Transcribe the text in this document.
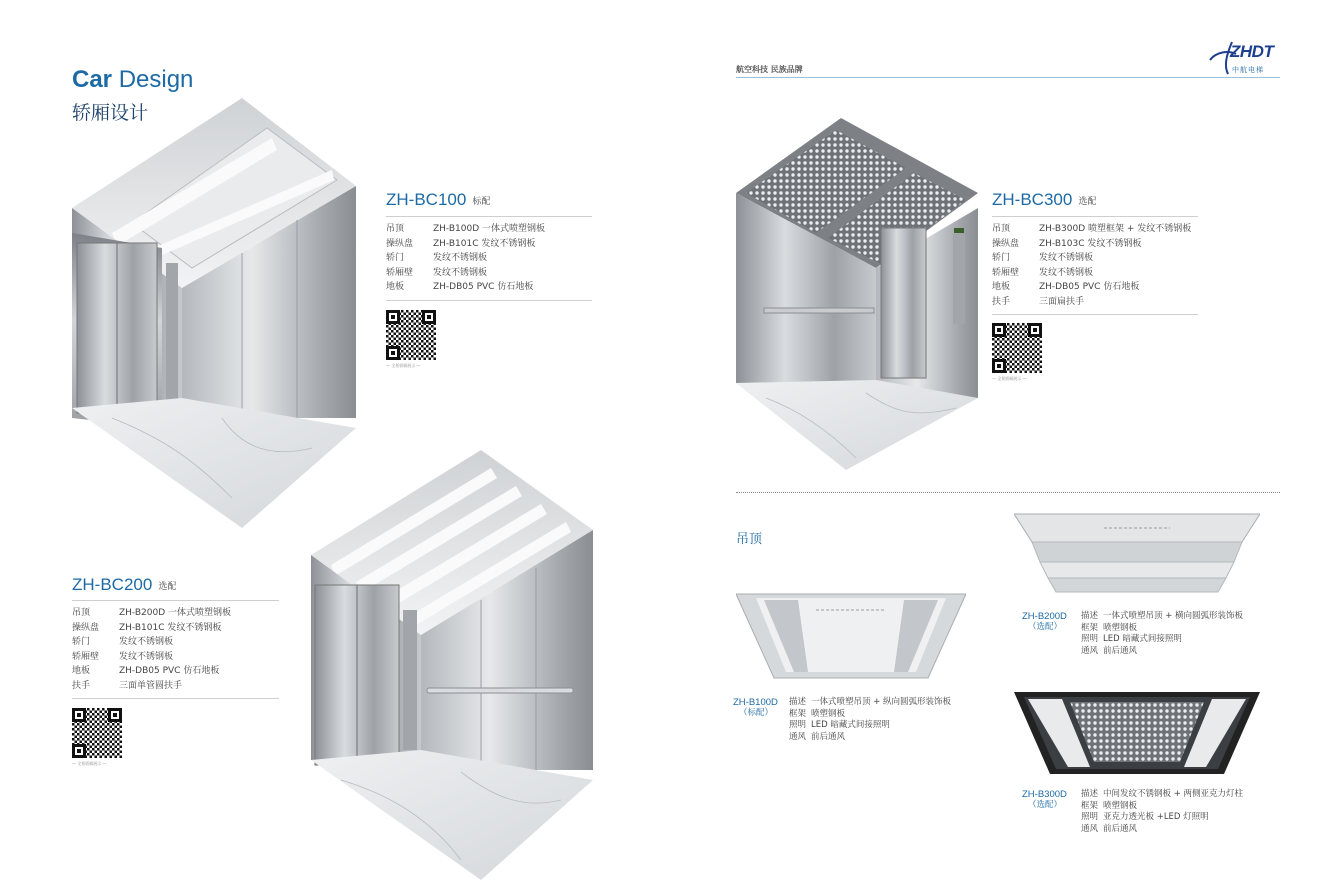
Car Design
轿厢设计
ZH-BC100 标配
吊顶	ZH-B100D 一体式喷塑钢板
操纵盘	ZH-B101C 发纹不锈钢板
轿门	发纹不锈钢板
轿厢壁	发纹不锈钢板
地板	ZH-DB05 PVC 仿石地板
— 全景轿厢展示 —
ZH-BC200 选配
吊顶	ZH-B200D 一体式喷塑钢板
操纵盘	ZH-B101C 发纹不锈钢板
轿门	发纹不锈钢板
轿厢壁	发纹不锈钢板
地板	ZH-DB05 PVC 仿石地板
扶手	三面单管圆扶手
— 全景轿厢展示 —
航空科技 民族品牌
ZHDT
中航电梯
ZH-BC300 选配
吊顶	ZH-B300D 喷塑框架 + 发纹不锈钢板
操纵盘	ZH-B103C 发纹不锈钢板
轿门	发纹不锈钢板
轿厢壁	发纹不锈钢板
地板	ZH-DB05 PVC 仿石地板
扶手	三面扁扶手
— 全景轿厢展示 —
吊顶
ZH-B100D
（标配）
描述	一体式喷塑吊顶 + 纵向圆弧形装饰板
框架	喷塑钢板
照明	LED 暗藏式间接照明
通风	前后通风
ZH-B200D
（选配）
描述	一体式喷塑吊顶 + 横向圆弧形装饰板
框架	喷塑钢板
照明	LED 暗藏式间接照明
通风	前后通风
ZH-B300D
（选配）
描述	中间发纹不锈钢板 + 两侧亚克力灯柱
框架	喷塑钢板
照明	亚克力透光板 +LED 灯照明
通风	前后通风
